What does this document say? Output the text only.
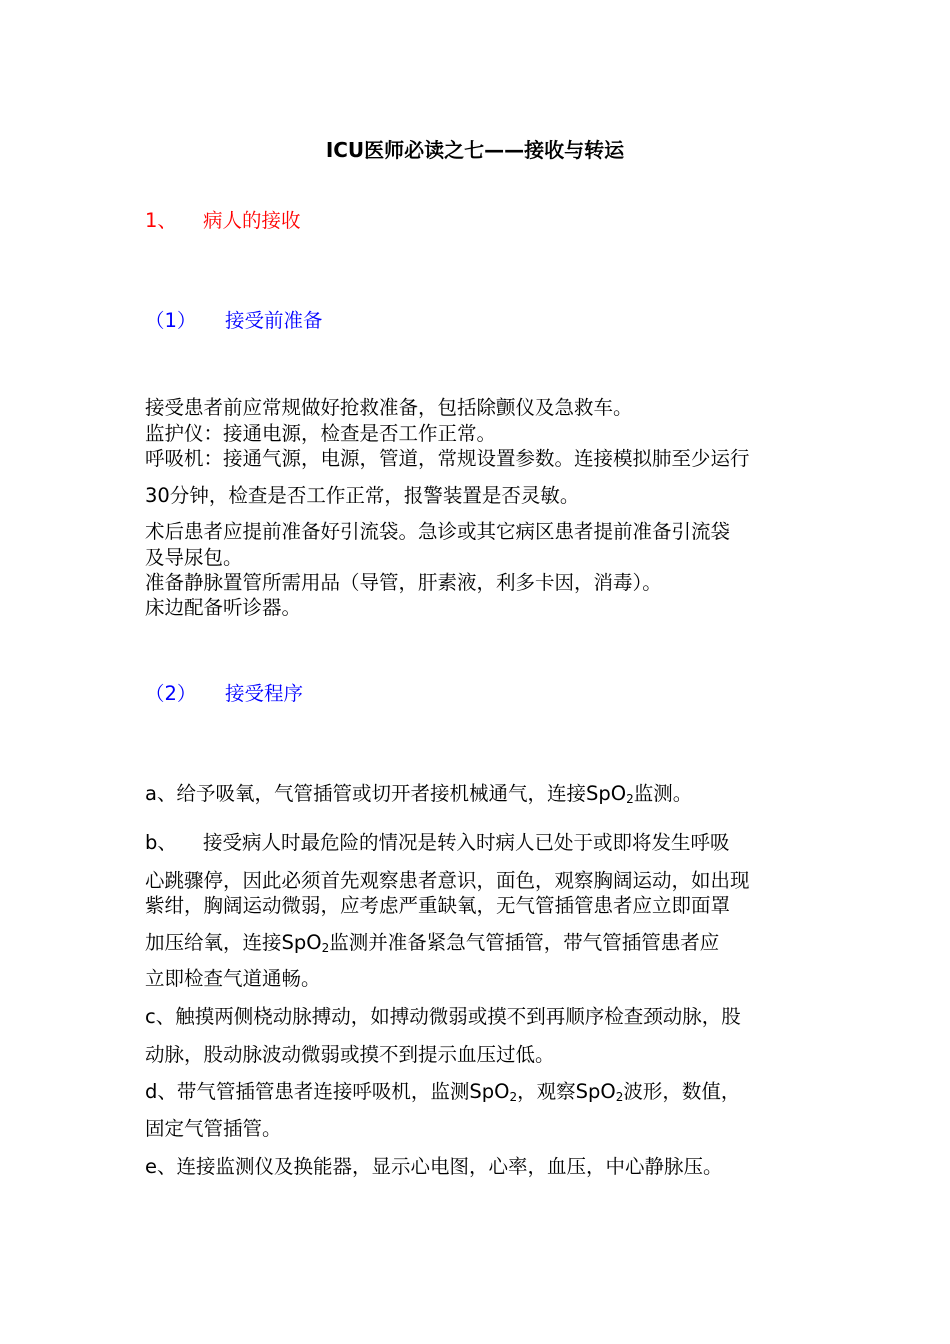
ICU医师必读之七——接收与转运
1、 病人的接收
（1） 接受前准备
接受患者前应常规做好抢救准备，包括除颤仪及急救车。
监护仪：接通电源，检查是否工作正常。
呼吸机：接通气源，电源，管道，常规设置参数。连接模拟肺至少运行
30分钟，检查是否工作正常，报警装置是否灵敏。
术后患者应提前准备好引流袋。急诊或其它病区患者提前准备引流袋
及导尿包。
准备静脉置管所需用品（导管，肝素液，利多卡因，消毒）。
床边配备听诊器。
（2） 接受程序
a、给予吸氧，气管插管或切开者接机械通气，连接SpO$_2$监测。
b、 接受病人时最危险的情况是转入时病人已处于或即将发生呼吸
心跳骤停，因此必须首先观察患者意识，面色，观察胸阔运动，如出现
紫绀，胸阔运动微弱，应考虑严重缺氧，无气管插管患者应立即面罩
加压给氧，连接SpO$_2$监测并准备紧急气管插管，带气管插管患者应
立即检查气道通畅。
c、触摸两侧桡动脉搏动，如搏动微弱或摸不到再顺序检查颈动脉，股
动脉，股动脉波动微弱或摸不到提示血压过低。
d、带气管插管患者连接呼吸机，监测SpO$_2$，观察SpO$_2$波形，数值，
固定气管插管。
e、连接监测仪及换能器，显示心电图，心率，血压，中心静脉压。
